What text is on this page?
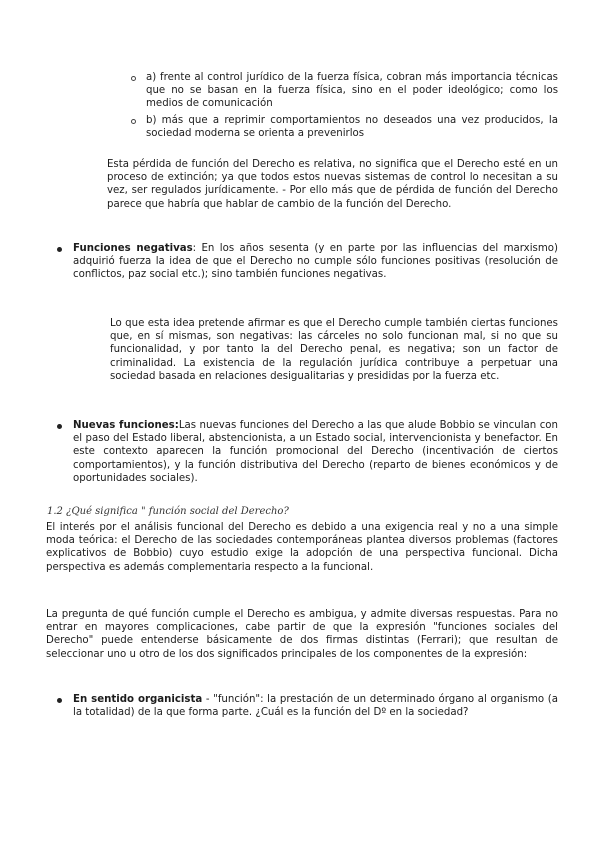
a) frente al control jurídico de la fuerza física, cobran más importancia técnicas que no se basan en la fuerza física, sino en el poder ideológico; como los medios de comunicación

b) más que a reprimir comportamientos no deseados una vez producidos, la sociedad moderna se orienta a prevenirlos

Esta pérdida de función del Derecho es relativa, no significa que el Derecho esté en un proceso de extinción; ya que todos estos nuevas sistemas de control lo necesitan a su vez, ser regulados jurídicamente. - Por ello más que de pérdida de función del Derecho parece que habría que hablar de cambio de la función del Derecho.

Funciones negativas: En los años sesenta (y en parte por las influencias del marxismo) adquirió fuerza la idea de que el Derecho no cumple sólo funciones positivas (resolución de conflictos, paz social etc.); sino también funciones negativas.

Lo que esta idea pretende afirmar es que el Derecho cumple también ciertas funciones que, en sí mismas, son negativas: las cárceles no solo funcionan mal, si no que su funcionalidad, y por tanto la del Derecho penal, es negativa; son un factor de criminalidad. La existencia de la regulación jurídica contribuye a perpetuar una sociedad basada en relaciones desigualitarias y presididas por la fuerza etc.

Nuevas funciones:Las nuevas funciones del Derecho a las que alude Bobbio se vinculan con el paso del Estado liberal, abstencionista, a un Estado social, intervencionista y benefactor. En este contexto aparecen la función promocional del Derecho (incentivación de ciertos comportamientos), y la función distributiva del Derecho (reparto de bienes económicos y de oportunidades sociales).

1.2 ¿Qué significa " función social del Derecho?

El interés por el análisis funcional del Derecho es debido a una exigencia real y no a una simple moda teórica: el Derecho de las sociedades contemporáneas plantea diversos problemas (factores explicativos de Bobbio) cuyo estudio exige la adopción de una perspectiva funcional. Dicha perspectiva es además complementaria respecto a la funcional.

La pregunta de qué función cumple el Derecho es ambigua, y admite diversas respuestas. Para no entrar en mayores complicaciones, cabe partir de que la expresión "funciones sociales del Derecho" puede entenderse básicamente de dos firmas distintas (Ferrari); que resultan de seleccionar uno u otro de los dos significados principales de los componentes de la expresión:

En sentido organicista - "función": la prestación de un determinado órgano al organismo (a la totalidad) de la que forma parte. ¿Cuál es la función del Dº en la sociedad?
